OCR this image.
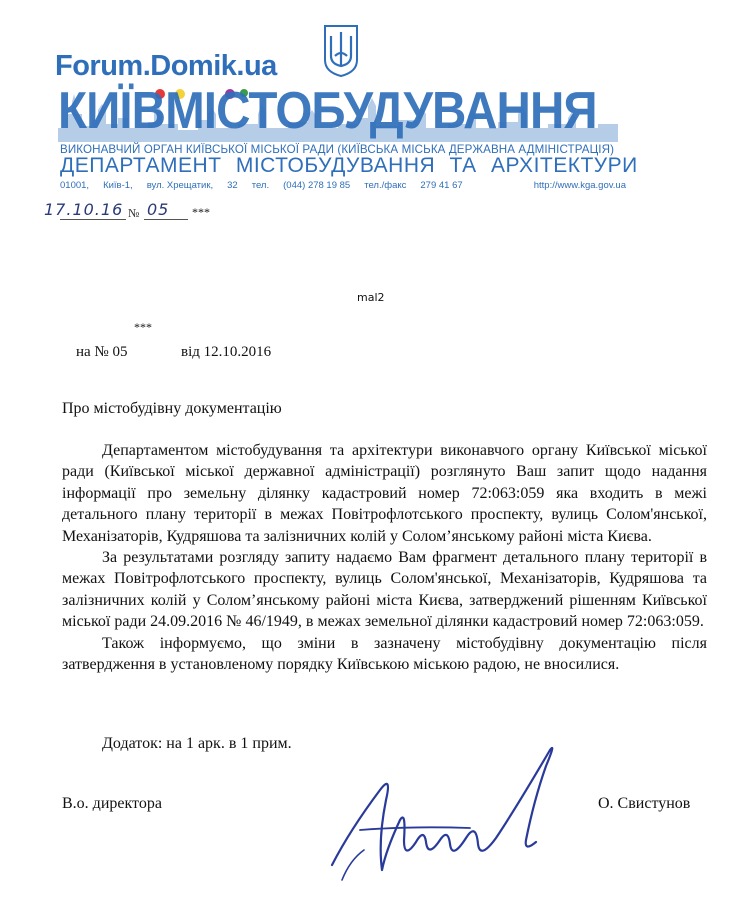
Forum.Domik.ua
КИЇВМІСТОБУДУВАННЯ
ВИКОНАВЧИЙ ОРГАН КИЇВСЬКОЇ МІСЬКОЇ РАДИ (КИЇВСЬКА МІСЬКА ДЕРЖАВНА АДМІНІСТРАЦІЯ)
ДЕПАРТАМЕНТ МІСТОБУДУВАННЯ ТА АРХІТЕКТУРИ
01001, Київ-1, вул. Хрещатик, 32 тел. (044) 278 19 85 тел./факс 279 41 67	http://www.kga.gov.ua
17.10.16 № 05 ***
mal2
***
на № 05	від 12.10.2016
Про містобудівну документацію

Департаментом містобудування та архітектури виконавчого органу Київської міської ради (Київської міської державної адміністрації) розглянуто Ваш запит щодо надання інформації про земельну ділянку кадастровий номер 72:063:059 яка входить в межі детального плану території в межах Повітрофлотського проспекту, вулиць Солом'янської, Механізаторів, Кудряшова та залізничних колій у Солом’янському районі міста Києва.

За результатами розгляду запиту надаємо Вам фрагмент детального плану території в межах Повітрофлотського проспекту, вулиць Солом'янської, Механізаторів, Кудряшова та залізничних колій у Солом’янському районі міста Києва, затверджений рішенням Київської міської ради 24.09.2016 № 46/1949, в межах земельної ділянки кадастровий номер 72:063:059.

Також інформуємо, що зміни в зазначену містобудівну документацію після затвердження в установленому порядку Київською мiською радою, не вносилися.

Додаток: на 1 арк. в 1 прим.
В.о. директора	О. Свистунов
